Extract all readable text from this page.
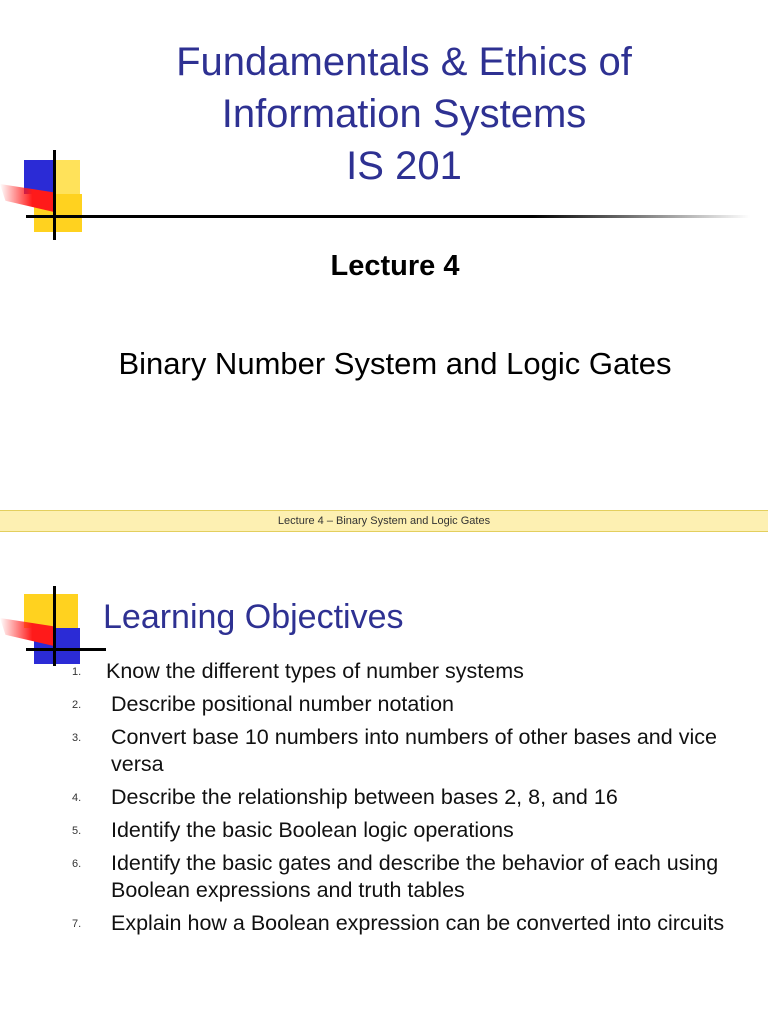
Fundamentals & Ethics of
Information Systems
IS 201
Lecture 4
Binary Number System and Logic Gates
Lecture 4 – Binary System and Logic Gates
Learning Objectives
1. Know the different types of number systems
2. Describe positional number notation
3. Convert base 10 numbers into numbers of other bases and vice versa
4. Describe the relationship between bases 2, 8, and 16
5. Identify the basic Boolean logic operations
6. Identify the basic gates and describe the behavior of each using Boolean expressions and truth tables
7. Explain how a Boolean expression can be converted into circuits
